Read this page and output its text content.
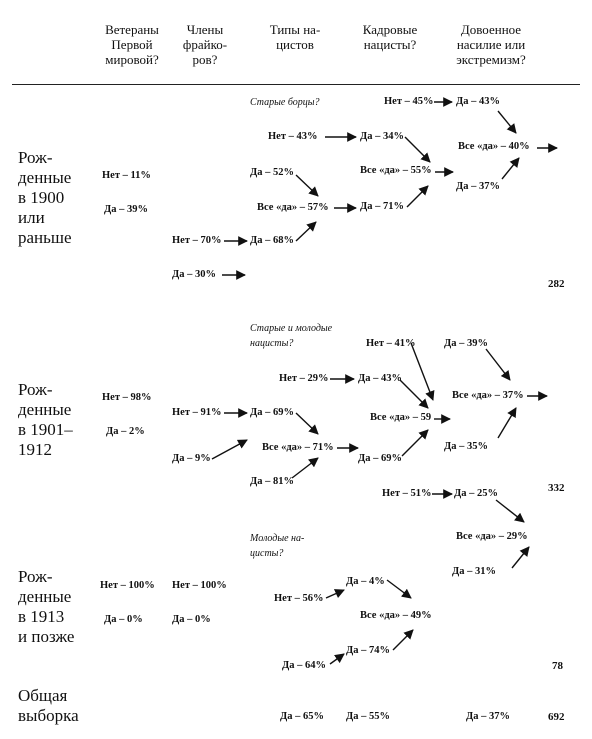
Ветераны
Первой
мировой?
Члены
фрайко-
ров?
Типы на-
цистов
Кадровые
нацисты?
Довоенное
насилие или
экстремизм?
Рож-
денные
в 1900
или
раньше
Рож-
денные
в 1901–
1912
Рож-
денные
в 1913
и позже
Общая
выборка
Старые борцы?
Старые и молодые
нацисты?
Молодые на-
цисты?
Нет – 11%
Да – 39%
Нет – 70%
Да – 30%
Нет – 43%
Да – 52%
Все «да» – 57%
Да – 68%
Нет – 45%
Да – 34%
Все «да» – 55%
Да – 71%
Да – 43%
Все «да» – 40%
Да – 37%
282
Нет – 98%
Да – 2%
Нет – 91%
Да – 9%
Нет – 29%
Да – 69%
Все «да» – 71%
Да – 81%
Нет – 41%
Да – 43%
Все «да» – 59
Да – 69%
Да – 39%
Все «да» – 37%
Да – 35%
332
Нет – 100%
Да – 0%
Нет – 100%
Да – 0%
Нет – 56%
Да – 64%
Да – 4%
Все «да» – 49%
Да – 74%
Нет – 51% Да – 25%
Все «да» – 29%
Да – 31%
78
Да – 65% Да – 55%	Да – 37%	692
